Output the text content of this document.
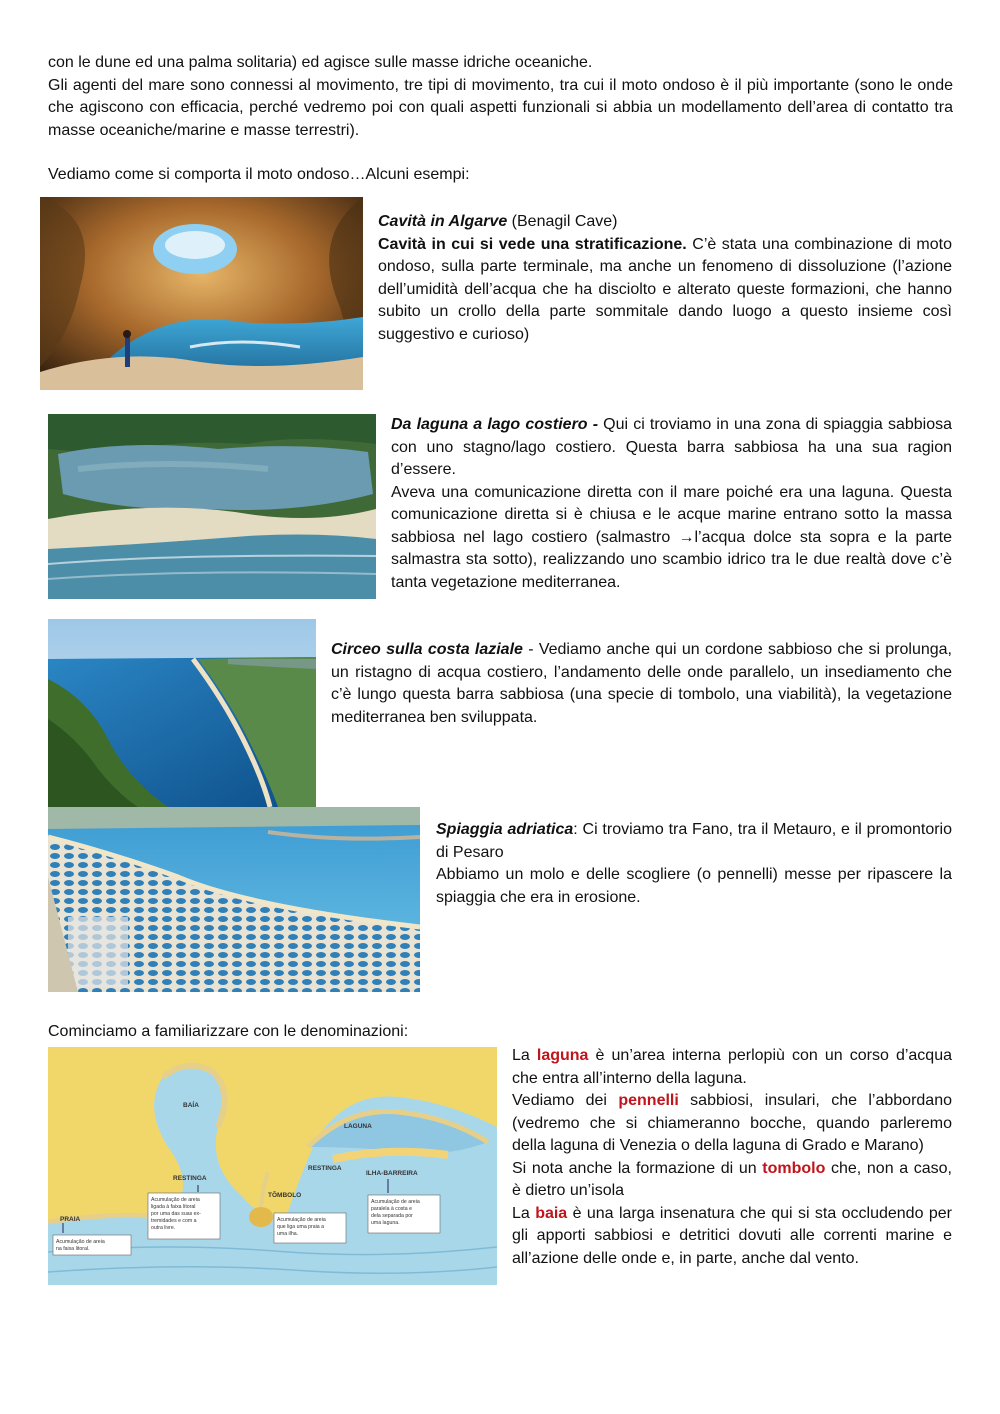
con le dune ed una palma solitaria) ed agisce sulle masse idriche oceaniche.

Gli agenti del mare sono connessi al movimento, tre tipi di movimento, tra cui il moto ondoso è il più importante (sono le onde che agiscono con efficacia, perché vedremo poi con quali aspetti funzionali si abbia un modellamento dell’area di contatto tra masse oceaniche/marine e masse terrestri).

Vediamo come si comporta il moto ondoso…Alcuni esempi:

Cavità in Algarve (Benagil Cave)

Cavità in cui si vede una stratificazione. C’è stata una combinazione di moto ondoso, sulla parte terminale, ma anche un fenomeno di dissoluzione (l’azione dell’umidità dell’acqua che ha disciolto e alterato queste formazioni, che hanno subito un crollo della parte sommitale dando luogo a questo insieme così suggestivo e curioso)

Da laguna a lago costiero - Qui ci troviamo in una zona di spiaggia sabbiosa con uno stagno/lago costiero. Questa barra sabbiosa ha una sua ragion d’essere.

Aveva una comunicazione diretta con il mare poiché era una laguna. Questa comunicazione diretta si è chiusa e le acque marine entrano sotto la massa sabbiosa nel lago costiero (salmastro →l’acqua dolce sta sopra e la parte salmastra sta sotto), realizzando uno scambio idrico tra le due realtà dove c’è tanta vegetazione mediterranea.

Circeo sulla costa laziale - Vediamo anche qui un cordone sabbioso che si prolunga, un ristagno di acqua costiero, l’andamento delle onde parallelo, un insediamento che c’è lungo questa barra sabbiosa (una specie di tombolo, una viabilità), la vegetazione mediterranea ben sviluppata.

Spiaggia adriatica: Ci troviamo tra Fano, tra il Metauro, e il promontorio di Pesaro

Abbiamo un molo e delle scogliere (o pennelli) messe per ripascere la spiaggia che era in erosione.

Cominciamo a familiarizzare con le denominazioni:
BAÍA
LAGUNA
RESTINGA
RESTINGA
ILHA-BARREIRA
TÔMBOLO
PRAIA
Acumulação de areia
na faixa litoral.
Acumulação de areia
ligada à faixa litoral
por uma das suas ex-
tremidades e com a
outra livre.
Acumulação de areia
que liga uma praia a
uma ilha.
Acumulação de areia
paralela à costa e
dela separada por
uma laguna.

La laguna è un’area interna perlopiù con un corso d’acqua che entra all’interno della laguna.

Vediamo dei pennelli sabbiosi, insulari, che l’abbordano (vedremo che si chiameranno bocche, quando parleremo della laguna di Venezia o della laguna di Grado e Marano)

Si nota anche la formazione di un tombolo che, non a caso, è dietro un’isola

La baia è una larga insenatura che qui si sta occludendo per gli apporti sabbiosi e detritici dovuti alle correnti marine e all’azione delle onde e, in parte, anche dal vento.
